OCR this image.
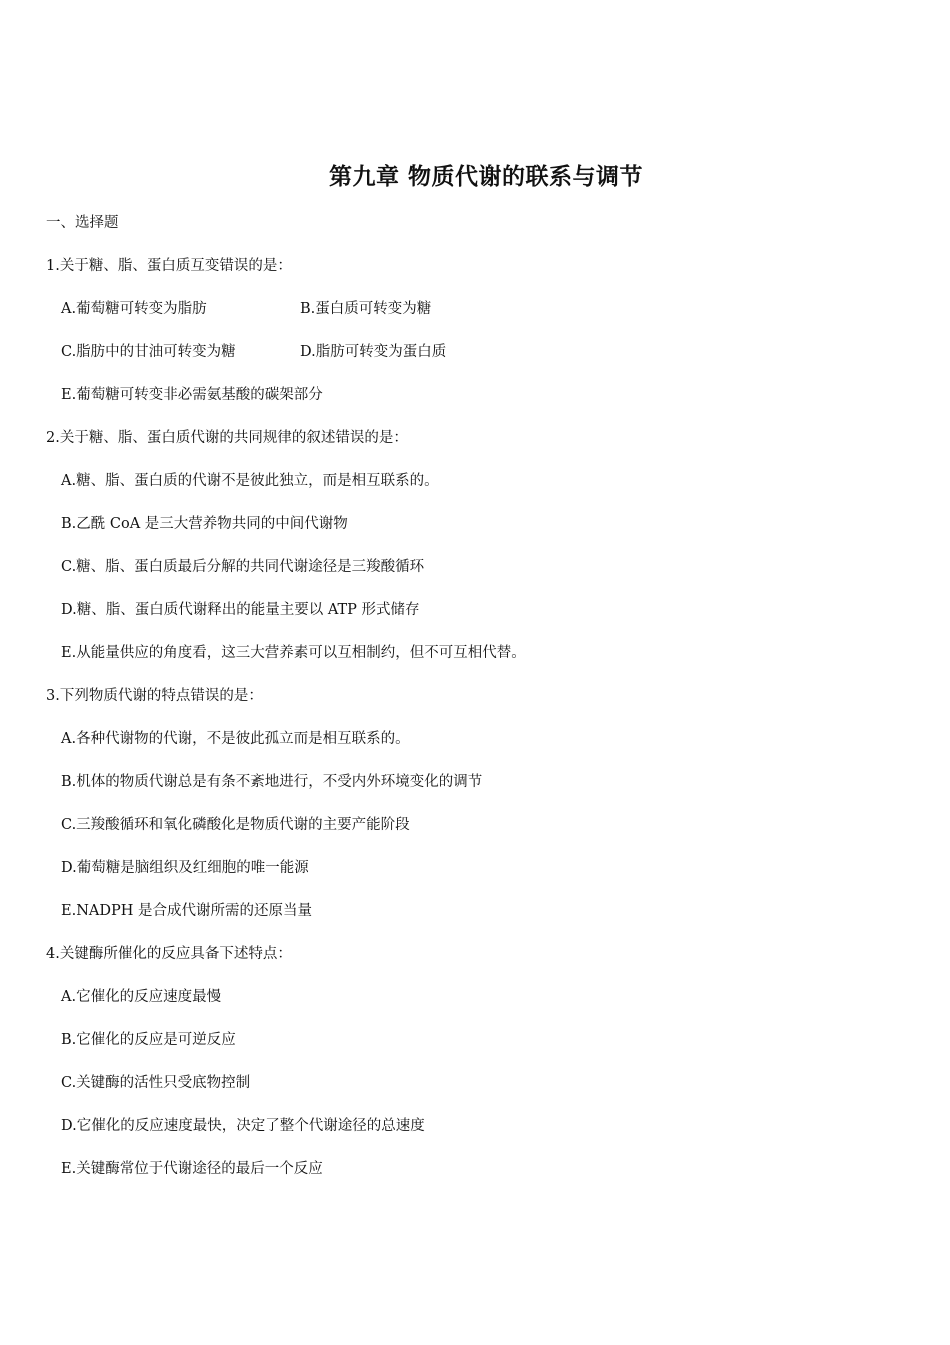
第九章 物质代谢的联系与调节
一、选择题
1.关于糖、脂、蛋白质互变错误的是：
A.葡萄糖可转变为脂肪	B.蛋白质可转变为糖
C.脂肪中的甘油可转变为糖	D.脂肪可转变为蛋白质
E.葡萄糖可转变非必需氨基酸的碳架部分
2.关于糖、脂、蛋白质代谢的共同规律的叙述错误的是：
A.糖、脂、蛋白质的代谢不是彼此独立，而是相互联系的。
B.乙酰 CoA 是三大营养物共同的中间代谢物
C.糖、脂、蛋白质最后分解的共同代谢途径是三羧酸循环
D.糖、脂、蛋白质代谢释出的能量主要以 ATP 形式储存
E.从能量供应的角度看，这三大营养素可以互相制约，但不可互相代替。
3.下列物质代谢的特点错误的是：
A.各种代谢物的代谢，不是彼此孤立而是相互联系的。
B.机体的物质代谢总是有条不紊地进行，不受内外环境变化的调节
C.三羧酸循环和氧化磷酸化是物质代谢的主要产能阶段
D.葡萄糖是脑组织及红细胞的唯一能源
E.NADPH 是合成代谢所需的还原当量
4.关键酶所催化的反应具备下述特点：
A.它催化的反应速度最慢
B.它催化的反应是可逆反应
C.关键酶的活性只受底物控制
D.它催化的反应速度最快，决定了整个代谢途径的总速度
E.关键酶常位于代谢途径的最后一个反应
